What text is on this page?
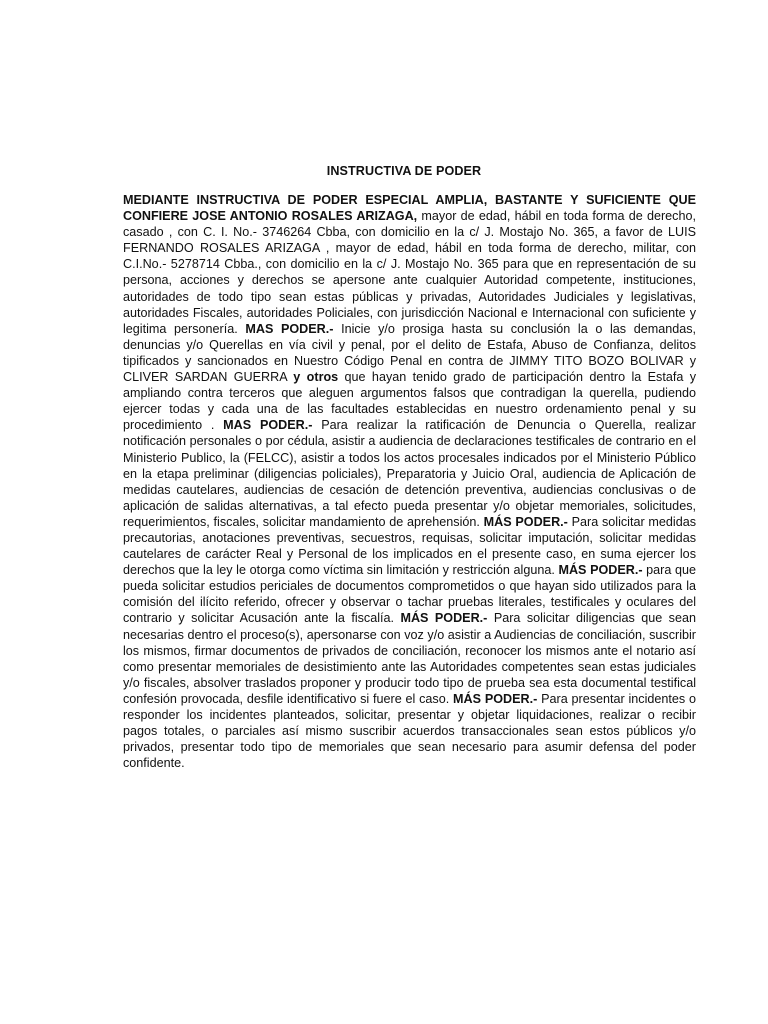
INSTRUCTIVA DE PODER

MEDIANTE INSTRUCTIVA DE PODER ESPECIAL AMPLIA, BASTANTE Y SUFICIENTE QUE CONFIERE JOSE ANTONIO ROSALES ARIZAGA, mayor de edad, hábil en toda forma de derecho, casado , con C. I. No.- 3746264 Cbba, con domicilio en la c/ J. Mostajo No. 365, a favor de LUIS FERNANDO ROSALES ARIZAGA , mayor de edad, hábil en toda forma de derecho, militar, con C.I.No.- 5278714 Cbba., con domicilio en la c/ J. Mostajo No. 365 para que en representación de su persona, acciones y derechos se apersone ante cualquier Autoridad competente, instituciones, autoridades de todo tipo sean estas públicas y privadas, Autoridades Judiciales y legislativas, autoridades Fiscales, autoridades Policiales, con jurisdicción Nacional e Internacional con suficiente y legitima personería. MAS PODER.- Inicie y/o prosiga hasta su conclusión la o las demandas, denuncias y/o Querellas en vía civil y penal, por el delito de Estafa, Abuso de Confianza, delitos tipificados y sancionados en Nuestro Código Penal en contra de JIMMY TITO BOZO BOLIVAR y CLIVER SARDAN GUERRA y otros que hayan tenido grado de participación dentro la Estafa y ampliando contra terceros que aleguen argumentos falsos que contradigan la querella, pudiendo ejercer todas y cada una de las facultades establecidas en nuestro ordenamiento penal y su procedimiento . MAS PODER.- Para realizar la ratificación de Denuncia o Querella, realizar notificación personales o por cédula, asistir a audiencia de declaraciones testificales de contrario en el Ministerio Publico, la (FELCC), asistir a todos los actos procesales indicados por el Ministerio Público en la etapa preliminar (diligencias policiales), Preparatoria y Juicio Oral, audiencia de Aplicación de medidas cautelares, audiencias de cesación de detención preventiva, audiencias conclusivas o de aplicación de salidas alternativas, a tal efecto pueda presentar y/o objetar memoriales, solicitudes, requerimientos, fiscales, solicitar mandamiento de aprehensión. MÁS PODER.- Para solicitar medidas precautorias, anotaciones preventivas, secuestros, requisas, solicitar imputación, solicitar medidas cautelares de carácter Real y Personal de los implicados en el presente caso, en suma ejercer los derechos que la ley le otorga como víctima sin limitación y restricción alguna. MÁS PODER.- para que pueda solicitar estudios periciales de documentos comprometidos o que hayan sido utilizados para la comisión del ilícito referido, ofrecer y observar o tachar pruebas literales, testificales y oculares del contrario y solicitar Acusación ante la fiscalía. MÁS PODER.- Para solicitar diligencias que sean necesarias dentro el proceso(s), apersonarse con voz y/o asistir a Audiencias de conciliación, suscribir los mismos, firmar documentos de privados de conciliación, reconocer los mismos ante el notario así como presentar memoriales de desistimiento ante las Autoridades competentes sean estas judiciales y/o fiscales, absolver traslados proponer y producir todo tipo de prueba sea esta documental testifical confesión provocada, desfile identificativo si fuere el caso. MÁS PODER.- Para presentar incidentes o responder los incidentes planteados, solicitar, presentar y objetar liquidaciones, realizar o recibir pagos totales, o parciales así mismo suscribir acuerdos transaccionales sean estos públicos y/o privados, presentar todo tipo de memoriales que sean necesario para asumir defensa del poder confidente.
